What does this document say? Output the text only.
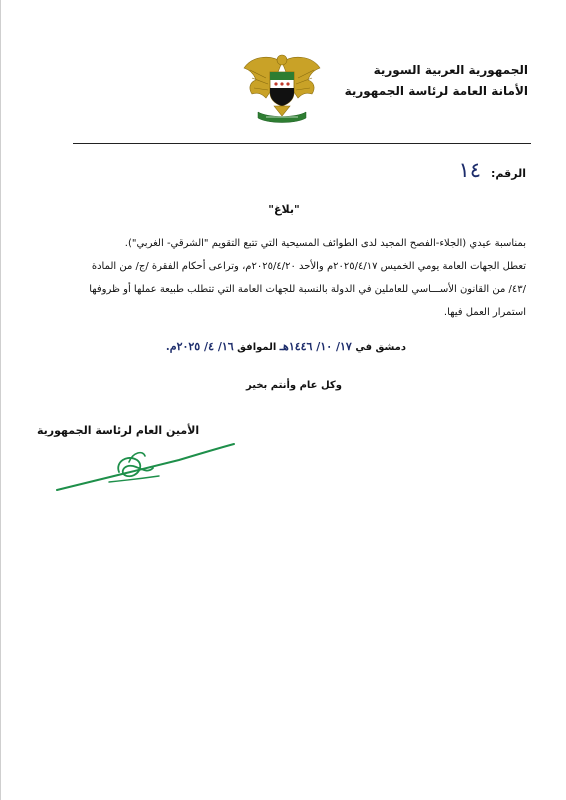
الجمهورية العربية السورية
الأمانة العامة لرئاسة الجمهورية
الرقم:
١٤
"بلاغ"

بمناسبة عيدي (الجلاء-الفصح المجيد لدى الطوائف المسيحية التي تتبع التقويم "الشرقي- الغربي").

تعطل الجهات العامة يومي الخميس ٢٠٢٥/٤/١٧م والأحد ٢٠٢٥/٤/٢٠م، وتراعى أحكام الفقرة /ج/ من المادة

/٤٣/ من القانون الأســـاسي للعاملين في الدولة بالنسبة للجهات العامة التي تتطلب طبيعة عملها أو ظروفها

استمرار العمل فيها.

دمشق في ١٧/ ١٠/ ١٤٤٦هـ الموافق ١٦/ ٤/ ٢٠٢٥م.
وكل عام وأنتم بخير
الأمين العام لرئاسة الجمهورية
